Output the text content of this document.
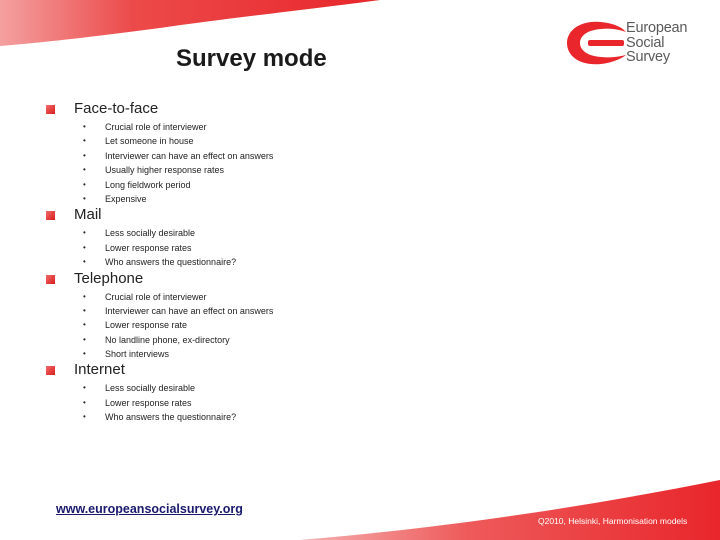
Survey mode
European
Social
Survey
Face-to-face
• Crucial role of interviewer
• Let someone in house
• Interviewer can have an effect on answers
• Usually higher response rates
• Long fieldwork period
• Expensive
Mail
• Less socially desirable
• Lower response rates
• Who answers the questionnaire?
Telephone
• Crucial role of interviewer
• Interviewer can have an effect on answers
• Lower response rate
• No landline phone, ex-directory
• Short interviews
Internet
• Less socially desirable
• Lower response rates
• Who answers the questionnaire?
www.europeansocialsurvey.org
Q2010, Helsinki, Harmonisation models
